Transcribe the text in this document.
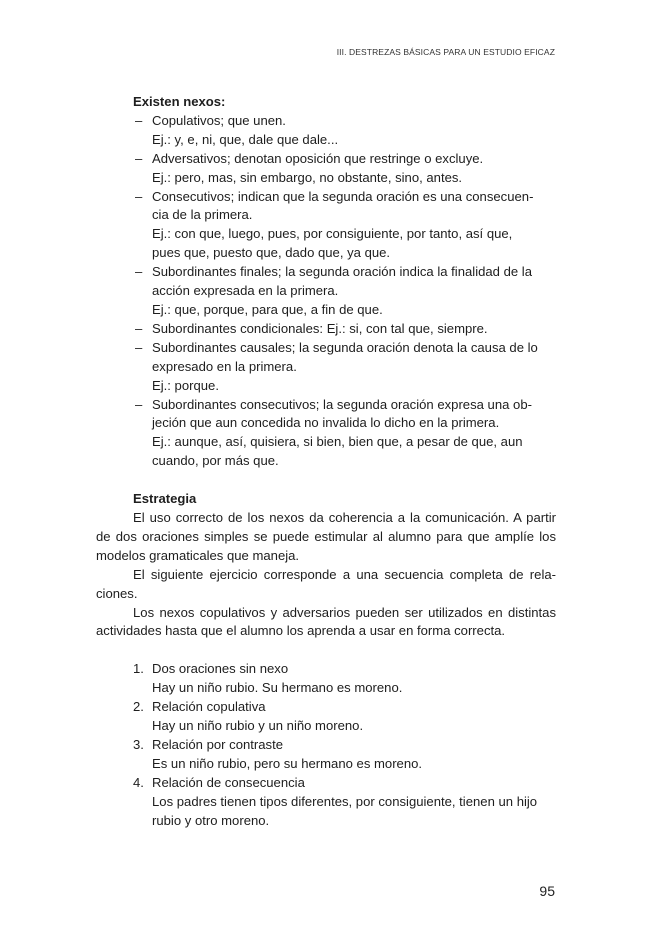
III. DESTREZAS BÁSICAS PARA UN ESTUDIO EFICAZ
Existen nexos:
– Copulativos; que unen.
Ej.: y, e, ni, que, dale que dale...
– Adversativos; denotan oposición que restringe o excluye.
Ej.: pero, mas, sin embargo, no obstante, sino, antes.
– Consecutivos; indican que la segunda oración es una consecuen-
cia de la primera.
Ej.: con que, luego, pues, por consiguiente, por tanto, así que,
pues que, puesto que, dado que, ya que.
– Subordinantes finales; la segunda oración indica la finalidad de la
acción expresada en la primera.
Ej.: que, porque, para que, a fin de que.
– Subordinantes condicionales: Ej.: si, con tal que, siempre.
– Subordinantes causales; la segunda oración denota la causa de lo
expresado en la primera.
Ej.: porque.
– Subordinantes consecutivos; la segunda oración expresa una ob-
jeción que aun concedida no invalida lo dicho en la primera.
Ej.: aunque, así, quisiera, si bien, bien que, a pesar de que, aun
cuando, por más que.
Estrategia
El uso correcto de los nexos da coherencia a la comunicación. A partir de dos oraciones simples se puede estimular al alumno para que amplíe los modelos gramaticales que maneja.
El siguiente ejercicio corresponde a una secuencia completa de rela- ciones.
Los nexos copulativos y adversarios pueden ser utilizados en distintas actividades hasta que el alumno los aprenda a usar en forma correcta.
1. Dos oraciones sin nexo
Hay un niño rubio. Su hermano es moreno.
2. Relación copulativa
Hay un niño rubio y un niño moreno.
3. Relación por contraste
Es un niño rubio, pero su hermano es moreno.
4. Relación de consecuencia
Los padres tienen tipos diferentes, por consiguiente, tienen un hijo
rubio y otro moreno.
95
